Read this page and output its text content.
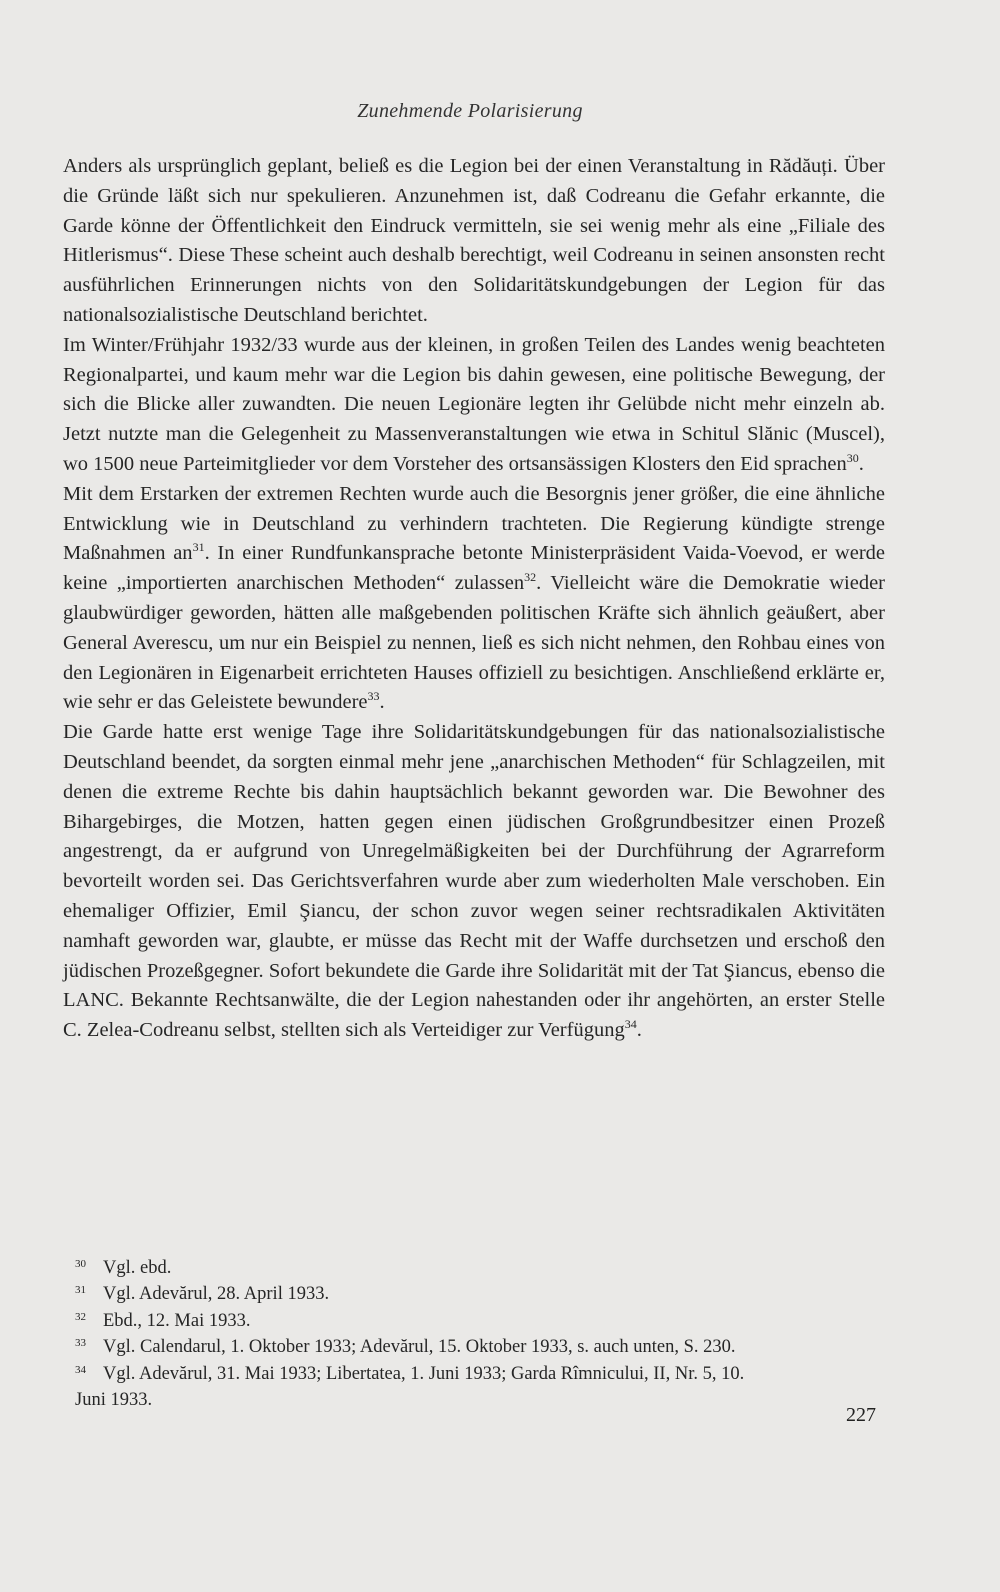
Zunehmende Polarisierung

Anders als ursprünglich geplant, beließ es die Legion bei der einen Veranstaltung in Rădăuți. Über die Gründe läßt sich nur spekulieren. Anzunehmen ist, daß Codreanu die Gefahr erkannte, die Garde könne der Öffentlichkeit den Eindruck vermitteln, sie sei wenig mehr als eine „Filiale des Hitlerismus“. Diese These scheint auch deshalb berechtigt, weil Codreanu in seinen ansonsten recht ausführlichen Erinnerungen nichts von den Solidaritätskundgebungen der Legion für das nationalsozialistische Deutschland berichtet.

Im Winter/Frühjahr 1932/33 wurde aus der kleinen, in großen Teilen des Landes wenig beachteten Regionalpartei, und kaum mehr war die Legion bis dahin gewesen, eine politische Bewegung, der sich die Blicke aller zuwandten. Die neuen Legionäre legten ihr Gelübde nicht mehr einzeln ab. Jetzt nutzte man die Gelegenheit zu Massenveranstaltungen wie etwa in Schitul Slănic (Muscel), wo 1500 neue Parteimitglieder vor dem Vorsteher des ortsansässigen Klosters den Eid sprachen$^{30}$.

Mit dem Erstarken der extremen Rechten wurde auch die Besorgnis jener größer, die eine ähnliche Entwicklung wie in Deutschland zu verhindern trachteten. Die Regierung kündigte strenge Maßnahmen $an^{31}$. In einer Rundfunkansprache betonte Ministerpräsident Vaida-Voevod, er werde keine „importierten anarchischen Methoden“ zulassen$^{32}$. Vielleicht wäre die Demokratie wieder glaubwürdiger geworden, hätten alle maßgebenden politischen Kräfte sich ähnlich geäußert, aber General Averescu, um nur ein Beispiel zu nennen, ließ es sich nicht nehmen, den Rohbau eines von den Legionären in Eigenarbeit errichteten Hauses offiziell zu besichtigen. Anschließend erklärte er, wie sehr er das Geleistete bewundere$^{33}$.

Die Garde hatte erst wenige Tage ihre Solidaritätskundgebungen für das nationalsozialistische Deutschland beendet, da sorgten einmal mehr jene „anarchischen Methoden“ für Schlagzeilen, mit denen die extreme Rechte bis dahin hauptsächlich bekannt geworden war. Die Bewohner des Bihargebirges, die Motzen, hatten gegen einen jüdischen Großgrundbesitzer einen Prozeß angestrengt, da er aufgrund von Unregelmäßigkeiten bei der Durchführung der Agrarreform bevorteilt worden sei. Das Gerichtsverfahren wurde aber zum wiederholten Male verschoben. Ein ehemaliger Offizier, Emil Şiancu, der schon zuvor wegen seiner rechtsradikalen Aktivitäten namhaft geworden war, glaubte, er müsse das Recht mit der Waffe durchsetzen und erschoß den jüdischen Prozeßgegner. Sofort bekundete die Garde ihre Solidarität mit der Tat Şiancus, ebenso die LANC. Bekannte Rechtsanwälte, die der Legion nahestanden oder ihr angehörten, an erster Stelle C. Zelea-Codreanu selbst, stellten sich als Verteidiger zur Verfügung$^{34}$.

30 Vgl. ebd.
31 Vgl. Adevărul, 28. April 1933.
32 Ebd., 12. Mai 1933.
33 Vgl. Calendarul, 1. Oktober 1933; Adevărul, 15. Oktober 1933, s. auch unten, S. 230.
34 Vgl. Adevărul, 31. Mai 1933; Libertatea, 1. Juni 1933; Garda Rîmnicului, II, Nr. 5, 10.
Juni 1933.
227
